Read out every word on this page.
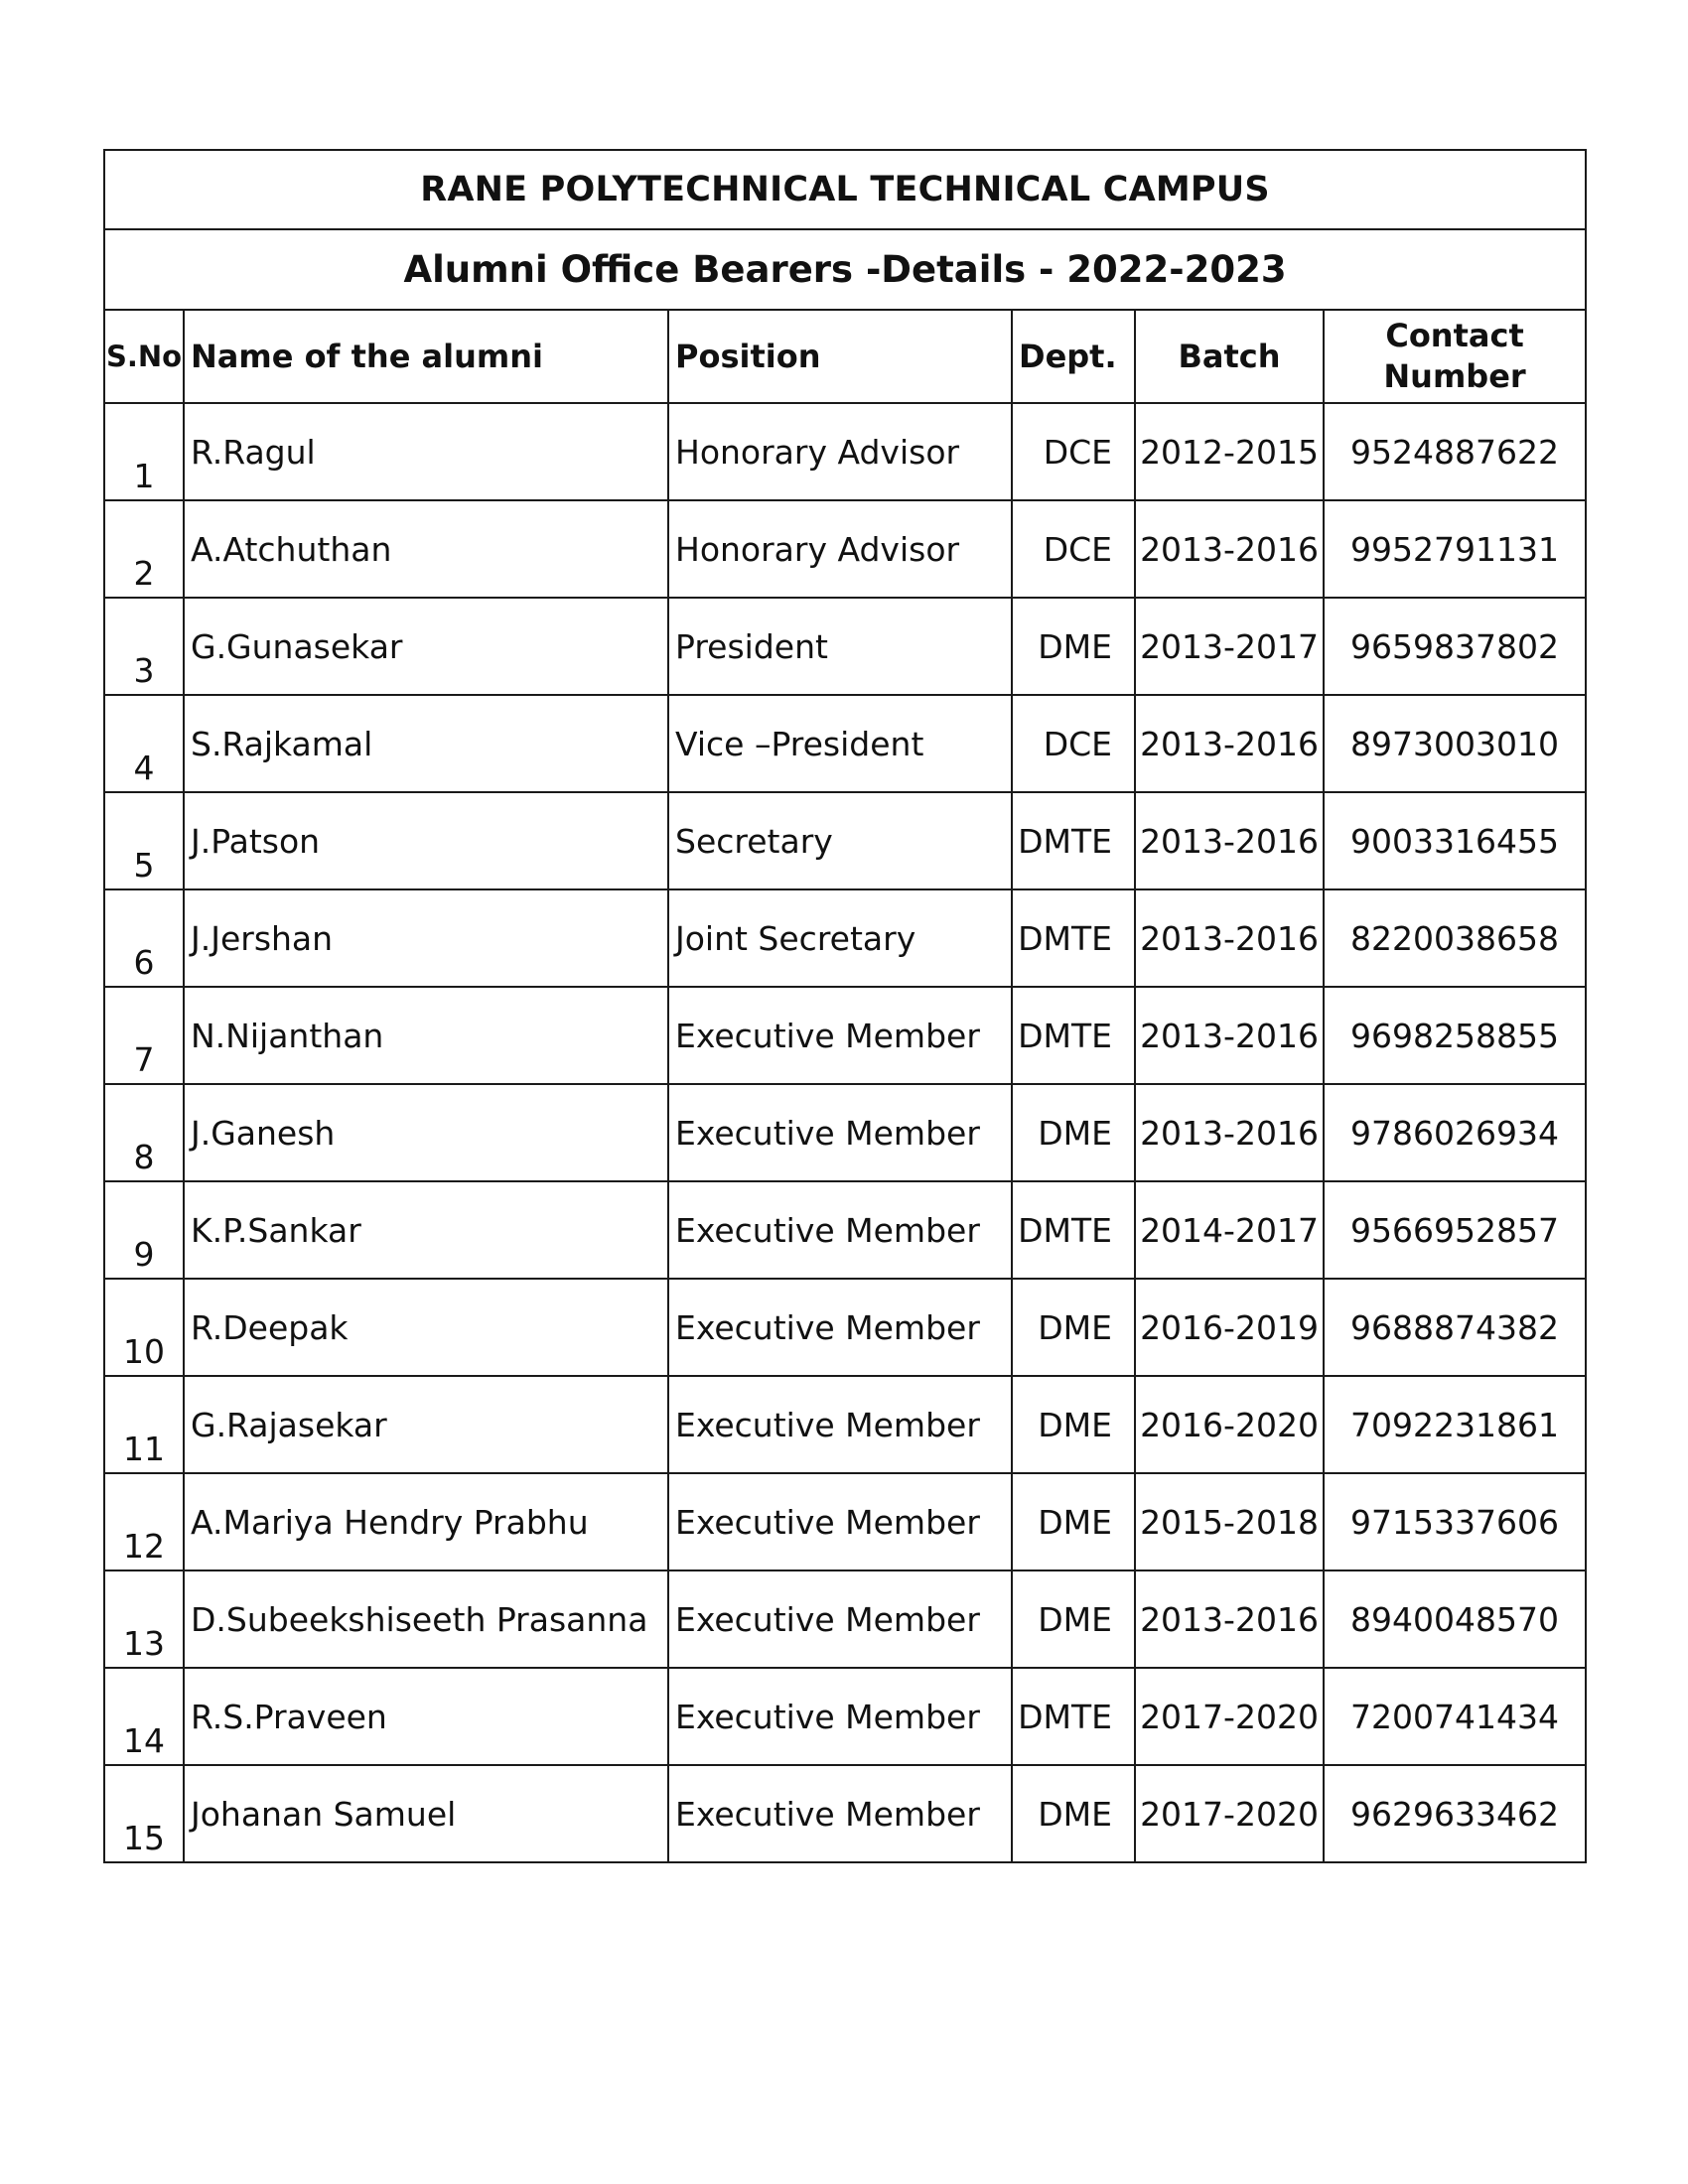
RANE POLYTECHNICAL TECHNICAL CAMPUS					
Alumni Office Bearers -Details - 2022-2023					
S.No	Name of the alumni	Position	Dept.	Batch	Contact
Number
1	R.Ragul	Honorary Advisor	DCE	2012-2015	9524887622
2	A.Atchuthan	Honorary Advisor	DCE	2013-2016	9952791131
3	G.Gunasekar	President	DME	2013-2017	9659837802
4	S.Rajkamal	Vice –President	DCE	2013-2016	8973003010
5	J.Patson	Secretary	DMTE	2013-2016	9003316455
6	J.Jershan	Joint Secretary	DMTE	2013-2016	8220038658
7	N.Nijanthan	Executive Member	DMTE	2013-2016	9698258855
8	J.Ganesh	Executive Member	DME	2013-2016	9786026934
9	K.P.Sankar	Executive Member	DMTE	2014-2017	9566952857
10	R.Deepak	Executive Member	DME	2016-2019	9688874382
11	G.Rajasekar	Executive Member	DME	2016-2020	7092231861
12	A.Mariya Hendry Prabhu	Executive Member	DME	2015-2018	9715337606
13	D.Subeekshiseeth Prasanna	Executive Member	DME	2013-2016	8940048570
14	R.S.Praveen	Executive Member	DMTE	2017-2020	7200741434
15	Johanan Samuel	Executive Member	DME	2017-2020	9629633462
